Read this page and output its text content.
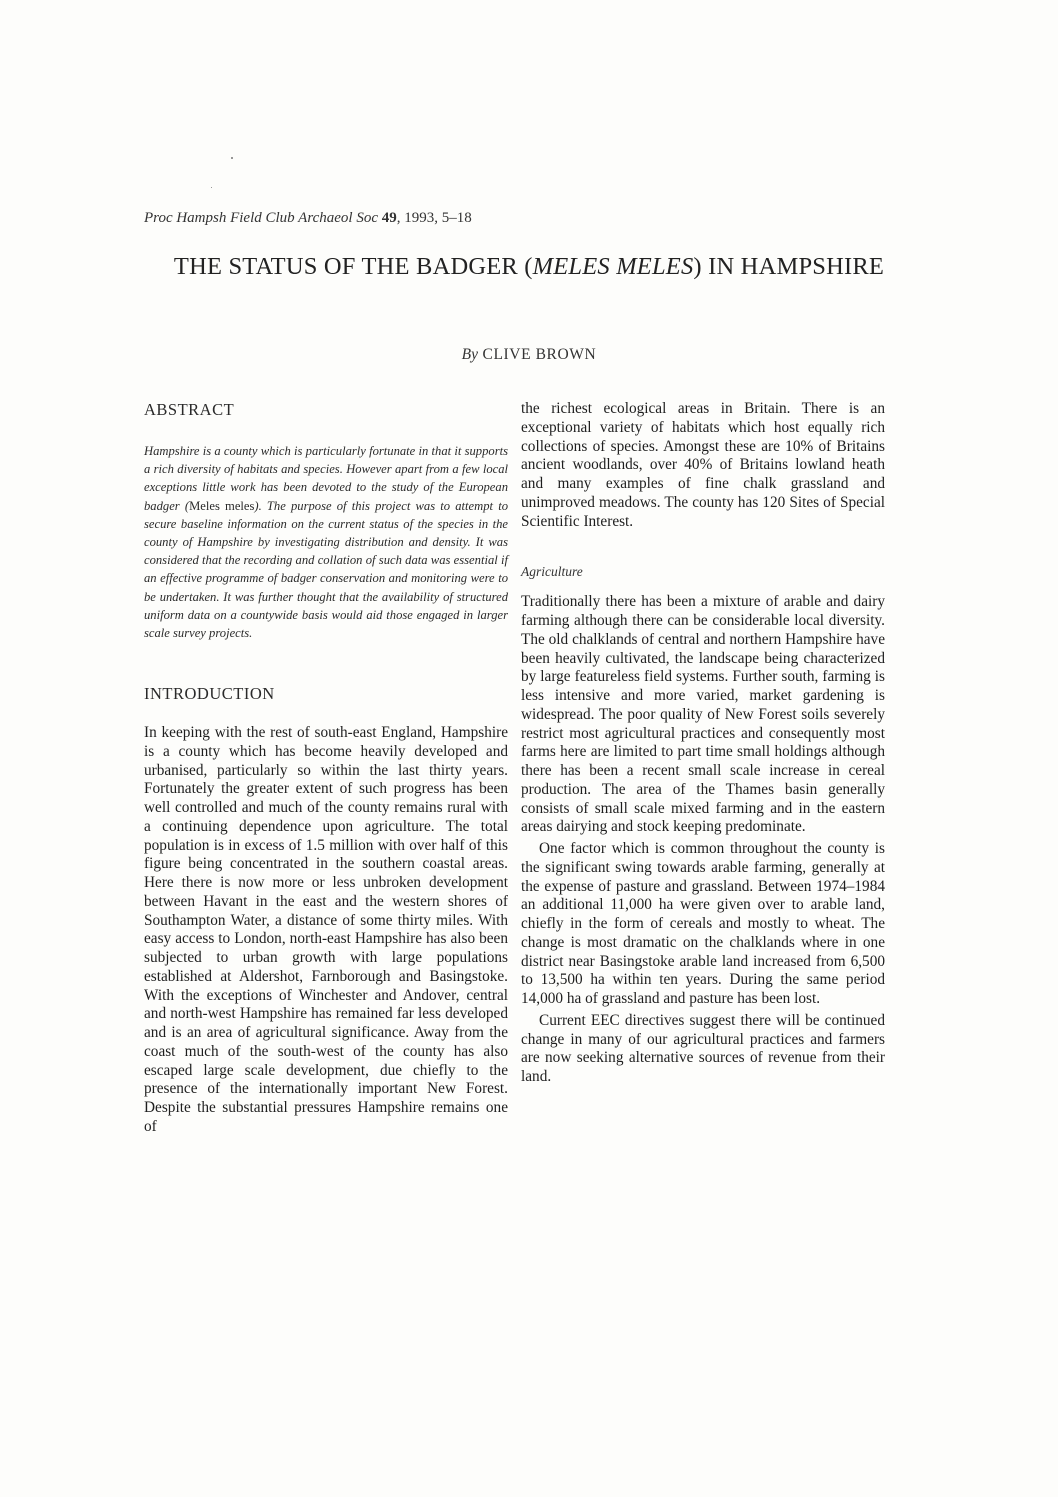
Proc Hampsh Field Club Archaeol Soc 49, 1993, 5–18
THE STATUS OF THE BADGER (MELES MELES) IN HAMPSHIRE
By CLIVE BROWN
ABSTRACT

Hampshire is a county which is particularly fortunate in that it supports a rich diversity of habitats and species. However apart from a few local exceptions little work has been devoted to the study of the European badger (Meles meles). The purpose of this project was to attempt to secure baseline information on the current status of the species in the county of Hampshire by investigating distribution and density. It was considered that the recording and collation of such data was essential if an effective programme of badger conservation and monitoring were to be undertaken. It was further thought that the availability of structured uniform data on a countywide basis would aid those engaged in larger scale survey projects.

INTRODUCTION

In keeping with the rest of south-east England, Hampshire is a county which has become heavily developed and urbanised, particularly so within the last thirty years. Fortunately the greater extent of such progress has been well controlled and much of the county remains rural with a continuing dependence upon agriculture. The total population is in excess of 1.5 million with over half of this figure being concentrated in the southern coastal areas. Here there is now more or less unbroken development between Havant in the east and the western shores of Southampton Water, a distance of some thirty miles. With easy access to London, north-east Hampshire has also been subjected to urban growth with large populations established at Aldershot, Farnborough and Basingstoke. With the exceptions of Winchester and Andover, central and north-west Hampshire has remained far less developed and is an area of agricultural significance. Away from the coast much of the south-west of the county has also escaped large scale development, due chiefly to the presence of the internationally important New Forest. Despite the substantial pressures Hampshire remains one of

the richest ecological areas in Britain. There is an exceptional variety of habitats which host equally rich collections of species. Amongst these are 10% of Britains ancient woodlands, over 40% of Britains lowland heath and many examples of fine chalk grassland and unimproved meadows. The county has 120 Sites of Special Scientific Interest.

Agriculture

Traditionally there has been a mixture of arable and dairy farming although there can be considerable local diversity. The old chalklands of central and northern Hampshire have been heavily cultivated, the landscape being characterized by large featureless field systems. Further south, farming is less intensive and more varied, market gardening is widespread. The poor quality of New Forest soils severely restrict most agricultural practices and consequently most farms here are limited to part time small holdings although there has been a recent small scale increase in cereal production. The area of the Thames basin generally consists of small scale mixed farming and in the eastern areas dairying and stock keeping predominate.

One factor which is common throughout the county is the significant swing towards arable farming, generally at the expense of pasture and grassland. Between 1974–1984 an additional 11,000 ha were given over to arable land, chiefly in the form of cereals and mostly to wheat. The change is most dramatic on the chalklands where in one district near Basingstoke arable land increased from 6,500 to 13,500 ha within ten years. During the same period 14,000 ha of grassland and pasture has been lost.

Current EEC directives suggest there will be continued change in many of our agricultural practices and farmers are now seeking alternative sources of revenue from their land.
